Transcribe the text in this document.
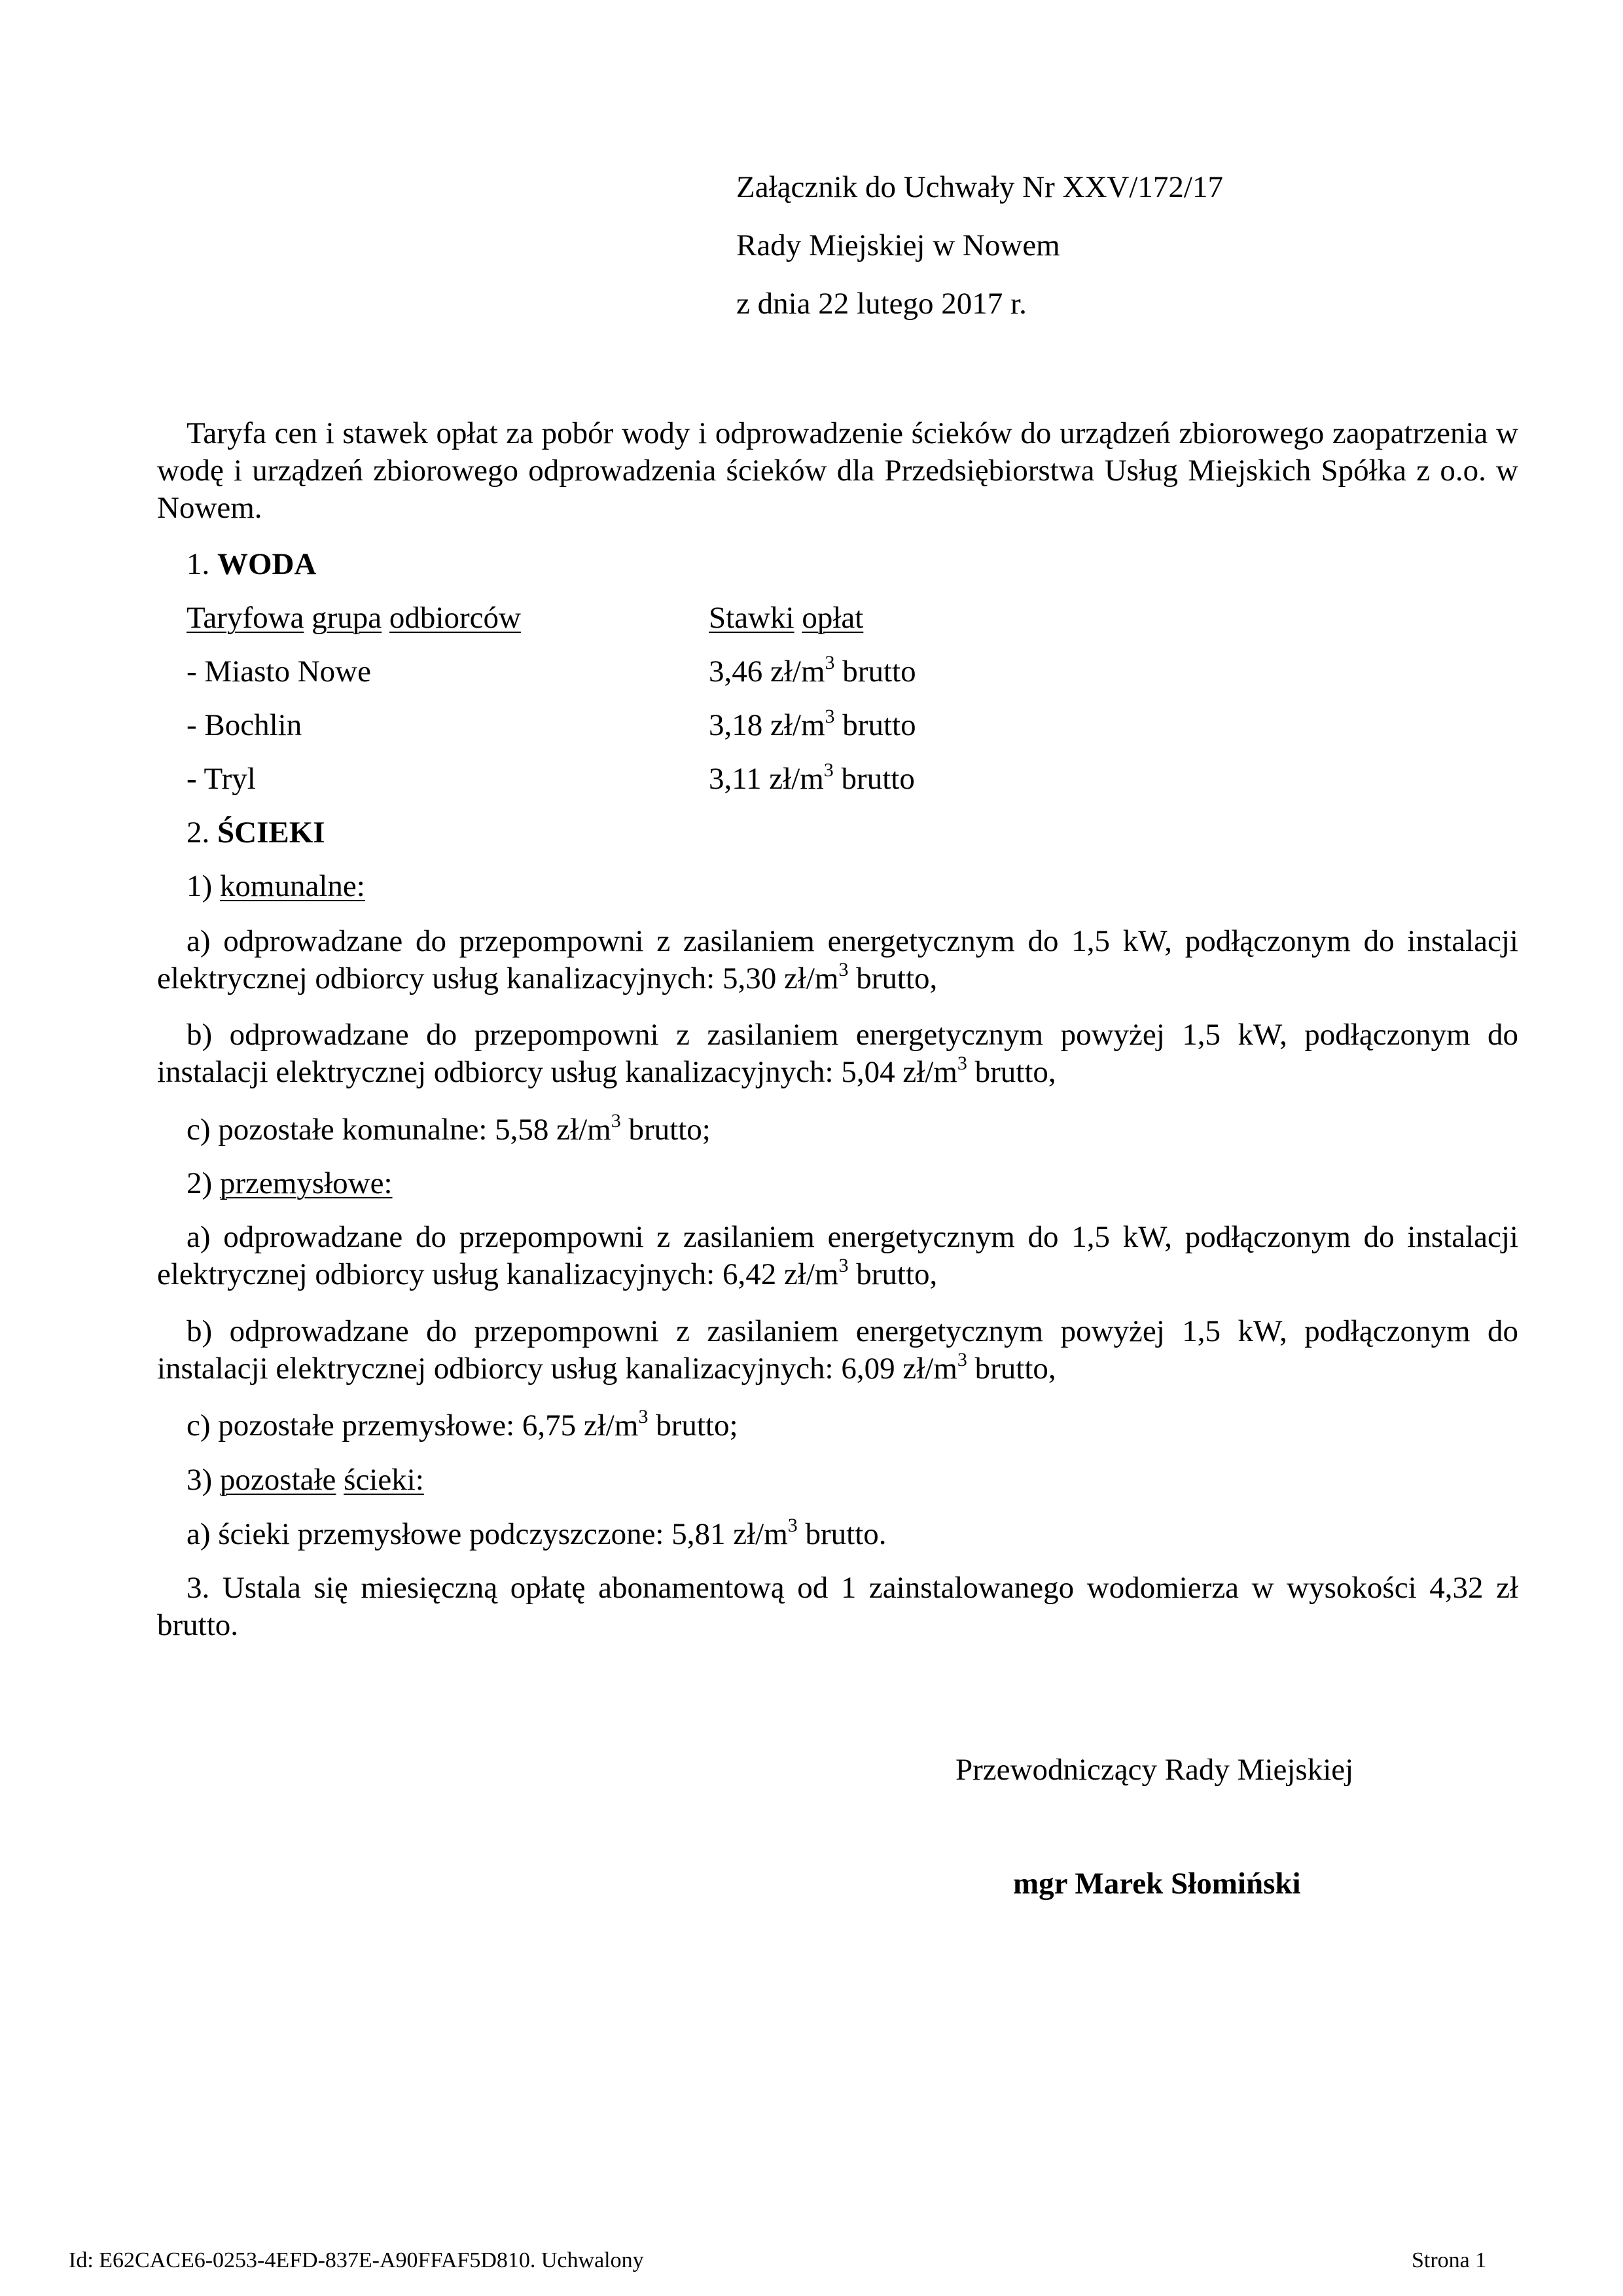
Załącznik do Uchwały Nr XXV/172/17
Rady Miejskiej w Nowem
z dnia 22 lutego 2017 r.
Taryfa cen i stawek opłat za pobór wody i odprowadzenie ścieków do urządzeń zbiorowego zaopatrzenia w wodę i urządzeń zbiorowego odprowadzenia ścieków dla Przedsiębiorstwa Usług Miejskich Spółka z o.o. w Nowem.
1. WODA
Taryfowa grupa odbiorców	Stawki opłat
- Miasto Nowe	3,46 $zł/m^3$ brutto
- Bochlin	3,18 $zł/m^3$ brutto
- Tryl	3,11 $zł/m^3$ brutto
2. ŚCIEKI
1) komunalne:
a) odprowadzane do przepompowni z zasilaniem energetycznym do 1,5 kW, podłączonym do instalacji elektrycznej odbiorcy usług kanalizacyjnych: 5,30 $zł/m^3$ brutto,
b) odprowadzane do przepompowni z zasilaniem energetycznym powyżej 1,5 kW, podłączonym do instalacji elektrycznej odbiorcy usług kanalizacyjnych: 5,04 $zł/m^3$ brutto,
c) pozostałe komunalne: 5,58 $zł/m^3$ brutto;
2) przemysłowe:
a) odprowadzane do przepompowni z zasilaniem energetycznym do 1,5 kW, podłączonym do instalacji elektrycznej odbiorcy usług kanalizacyjnych: 6,42 $zł/m^3$ brutto,
b) odprowadzane do przepompowni z zasilaniem energetycznym powyżej 1,5 kW, podłączonym do instalacji elektrycznej odbiorcy usług kanalizacyjnych: 6,09 $zł/m^3$ brutto,
c) pozostałe przemysłowe: 6,75 $zł/m^3$ brutto;
3) pozostałe ścieki:
a) ścieki przemysłowe podczyszczone: 5,81 $zł/m^3$ brutto.
3. Ustala się miesięczną opłatę abonamentową od 1 zainstalowanego wodomierza w wysokości 4,32 zł brutto.
Przewodniczący Rady Miejskiej
mgr Marek Słomiński
Id: E62CACE6-0253-4EFD-837E-A90FFAF5D810. Uchwalony	Strona 1
